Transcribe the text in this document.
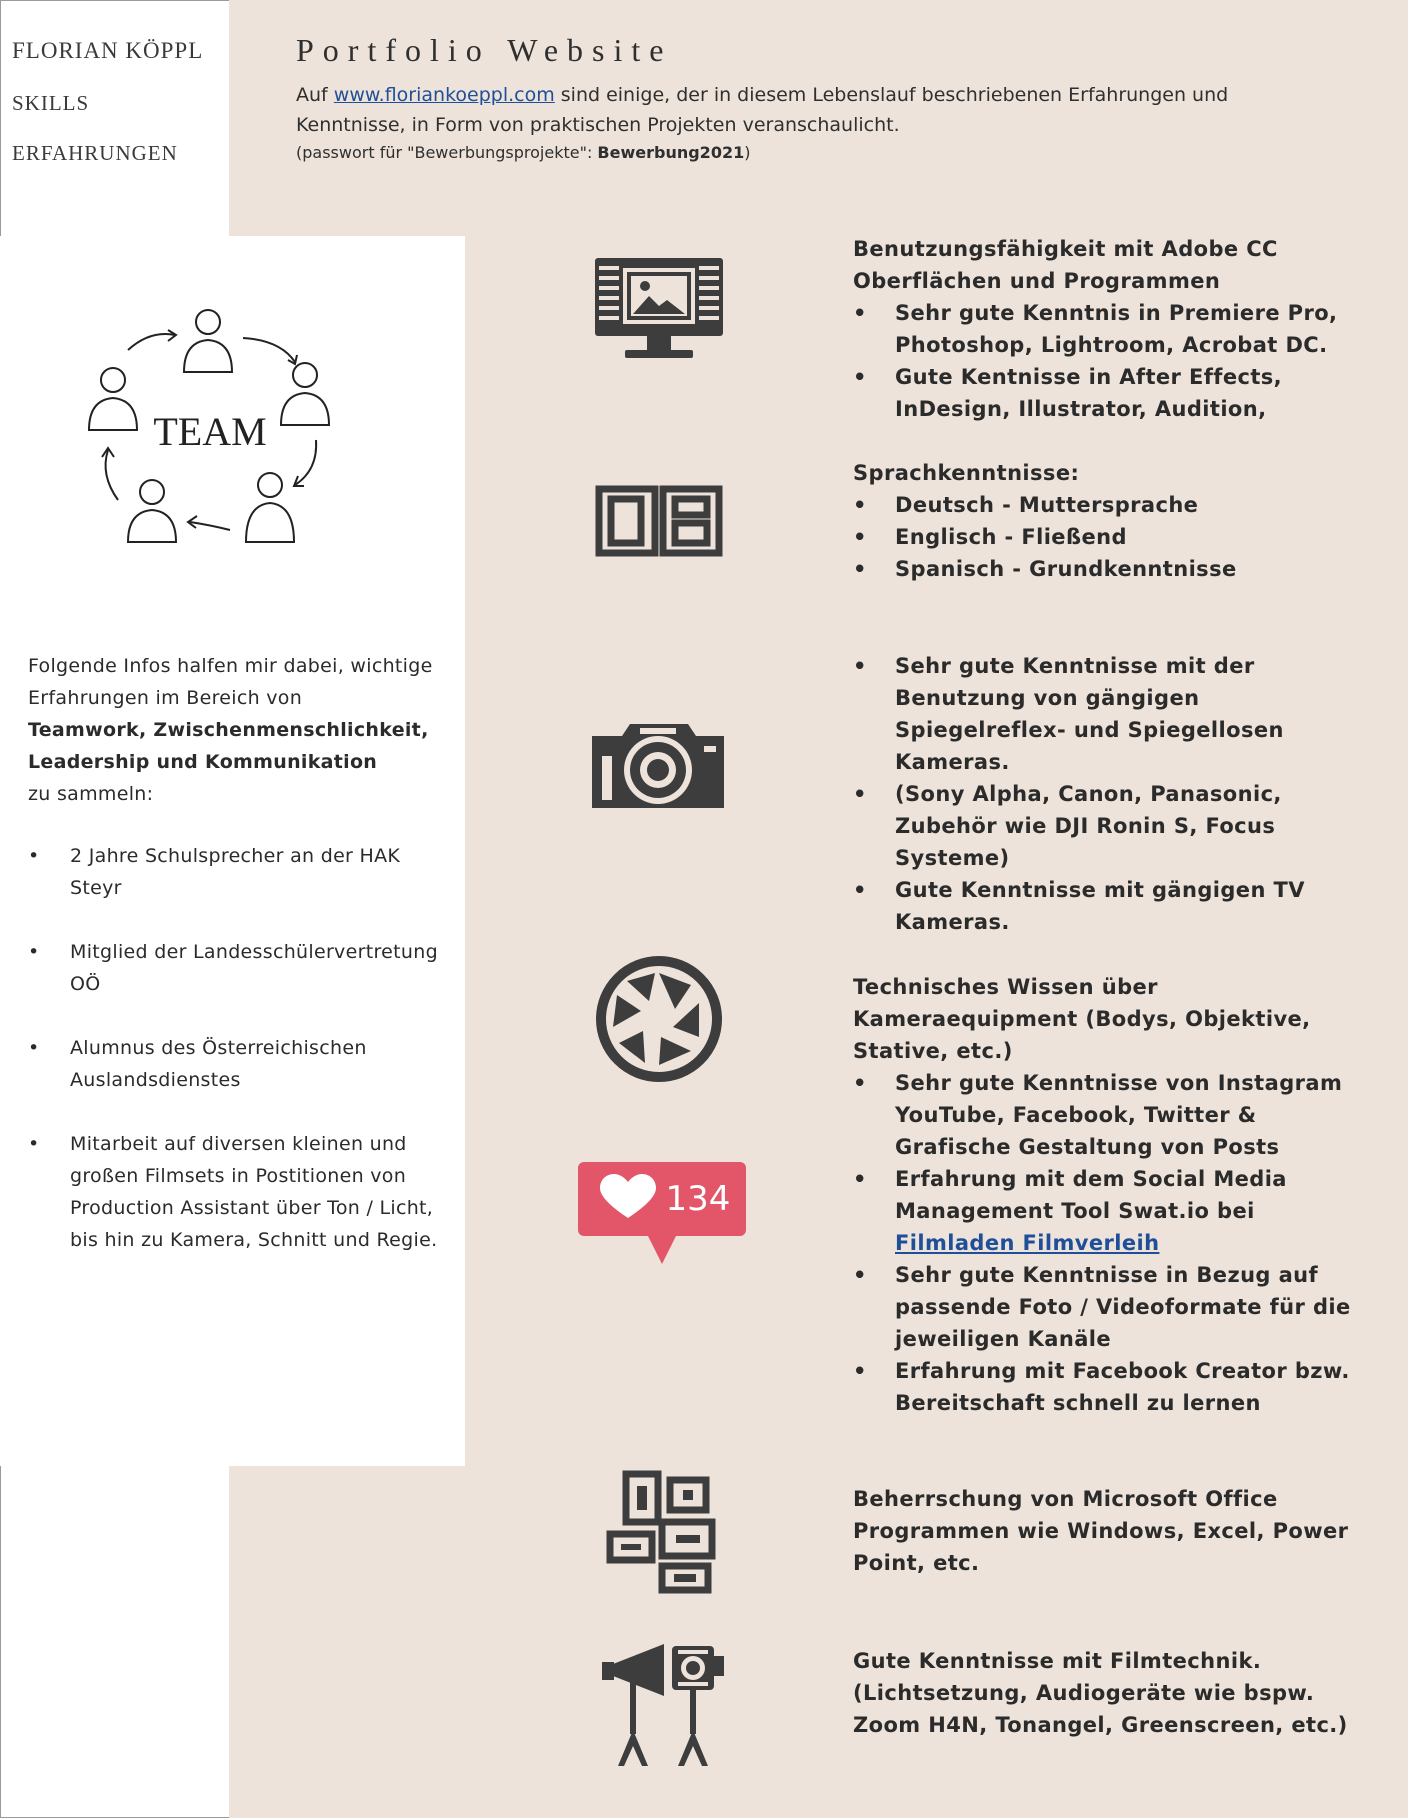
FLORIAN KÖPPL
SKILLS
ERFAHRUNGEN
Portfolio Website
Auf www.floriankoeppl.com sind einige, der in diesem Lebenslauf beschriebenen Erfahrungen und Kenntnisse, in Form von praktischen Projekten veranschaulicht.
(passwort für "Bewerbungsprojekte": Bewerbung2021)
TEAM
Folgende Infos halfen mir dabei, wichtige Erfahrungen im Bereich von
Teamwork, Zwischenmenschlichkeit, Leadership und Kommunikation
zu sammeln:
• 2 Jahre Schulsprecher an der HAK Steyr
• Mitglied der Landesschülervertretung OÖ
• Alumnus des Österreichischen Auslandsdienstes
• Mitarbeit auf diversen kleinen und großen Filmsets in Postitionen von Production Assistant über Ton / Licht, bis hin zu Kamera, Schnitt und Regie.
134
Benutzungsfähigkeit mit Adobe CC Oberflächen und Programmen
• Sehr gute Kenntnis in Premiere Pro, Photoshop, Lightroom, Acrobat DC.
• Gute Kentnisse in After Effects, InDesign, Illustrator, Audition,
Sprachkenntnisse:
• Deutsch - Muttersprache
• Englisch - Fließend
• Spanisch - Grundkenntnisse
• Sehr gute Kenntnisse mit der Benutzung von gängigen Spiegelreflex- und Spiegellosen Kameras.
• (Sony Alpha, Canon, Panasonic, Zubehör wie DJI Ronin S, Focus Systeme)
• Gute Kenntnisse mit gängigen TV Kameras.
Technisches Wissen über Kameraequipment (Bodys, Objektive, Stative, etc.)
• Sehr gute Kenntnisse von Instagram YouTube, Facebook, Twitter & Grafische Gestaltung von Posts
• Erfahrung mit dem Social Media Management Tool Swat.io bei Filmladen Filmverleih
• Sehr gute Kenntnisse in Bezug auf passende Foto / Videoformate für die jeweiligen Kanäle
• Erfahrung mit Facebook Creator bzw. Bereitschaft schnell zu lernen
Beherrschung von Microsoft Office Programmen wie Windows, Excel, Power Point, etc.
Gute Kenntnisse mit Filmtechnik. (Lichtsetzung, Audiogeräte wie bspw. Zoom H4N, Tonangel, Greenscreen, etc.)
